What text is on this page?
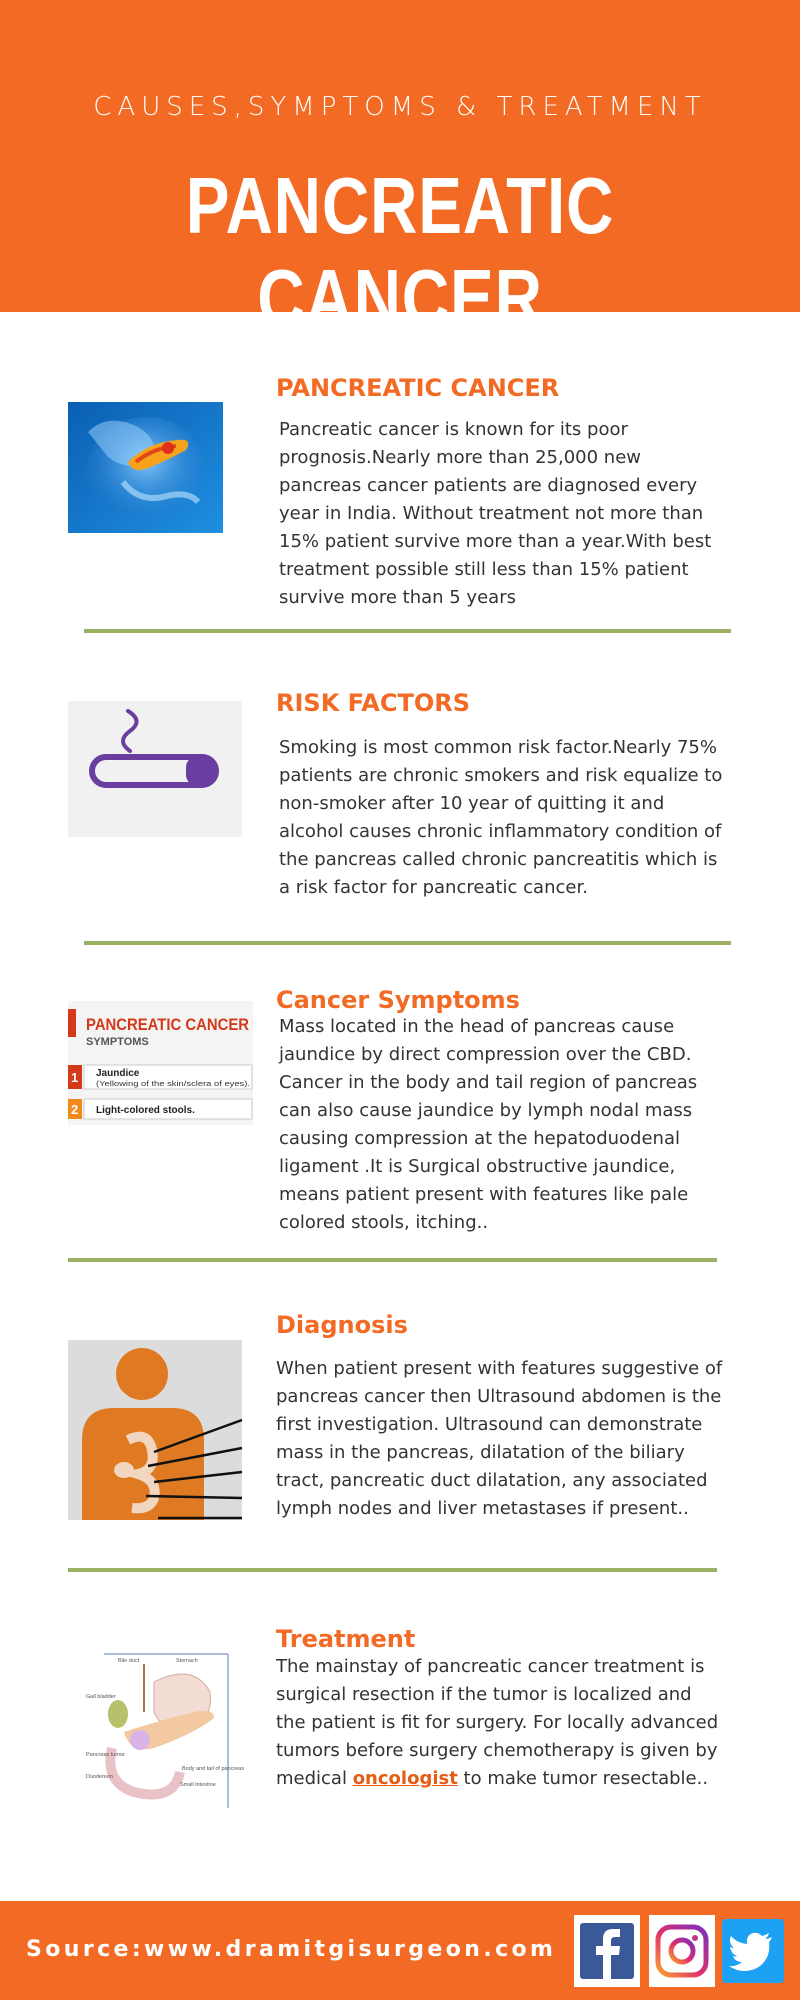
CAUSES,SYMPTOMS & TREATMENT
PANCREATIC CANCER
PANCREATIC CANCER
Pancreatic cancer is known for its poor prognosis.Nearly more than 25,000 new pancreas cancer patients are diagnosed every year in India. Without treatment not more than 15% patient survive more than a year.With best treatment possible still less than 15% patient survive more than 5 years
RISK FACTORS
Smoking is most common risk factor.Nearly 75% patients are chronic smokers and risk equalize to non-smoker after 10 year of quitting it and alcohol causes chronic inflammatory condition of the pancreas called chronic pancreatitis which is a risk factor for pancreatic cancer.
PANCREATIC CANCER
SYMPTOMS
1 Jaundice
(Yellowing of the skin/sclera of eyes).
2 Light-colored stools.
Cancer Symptoms
Mass located in the head of pancreas cause jaundice by direct compression over the CBD. Cancer in the body and tail region of pancreas can also cause jaundice by lymph nodal mass causing compression at the hepatoduodenal ligament .It is Surgical obstructive jaundice, means patient present with features like pale colored stools, itching..
Diagnosis
When patient present with features suggestive of pancreas cancer then Ultrasound abdomen is the first investigation. Ultrasound can demonstrate mass in the pancreas, dilatation of the biliary tract, pancreatic duct dilatation, any associated lymph nodes and liver metastases if present..
Bile duct	Stomach
Gall bladder
Pancreas tumor
Body and tail of pancreas
Duodenum
Small intestine
Treatment
The mainstay of pancreatic cancer treatment is surgical resection if the tumor is localized and the patient is fit for surgery. For locally advanced tumors before surgery chemotherapy is given by medical oncologist to make tumor resectable..
Source:www.dramitgisurgeon.com
